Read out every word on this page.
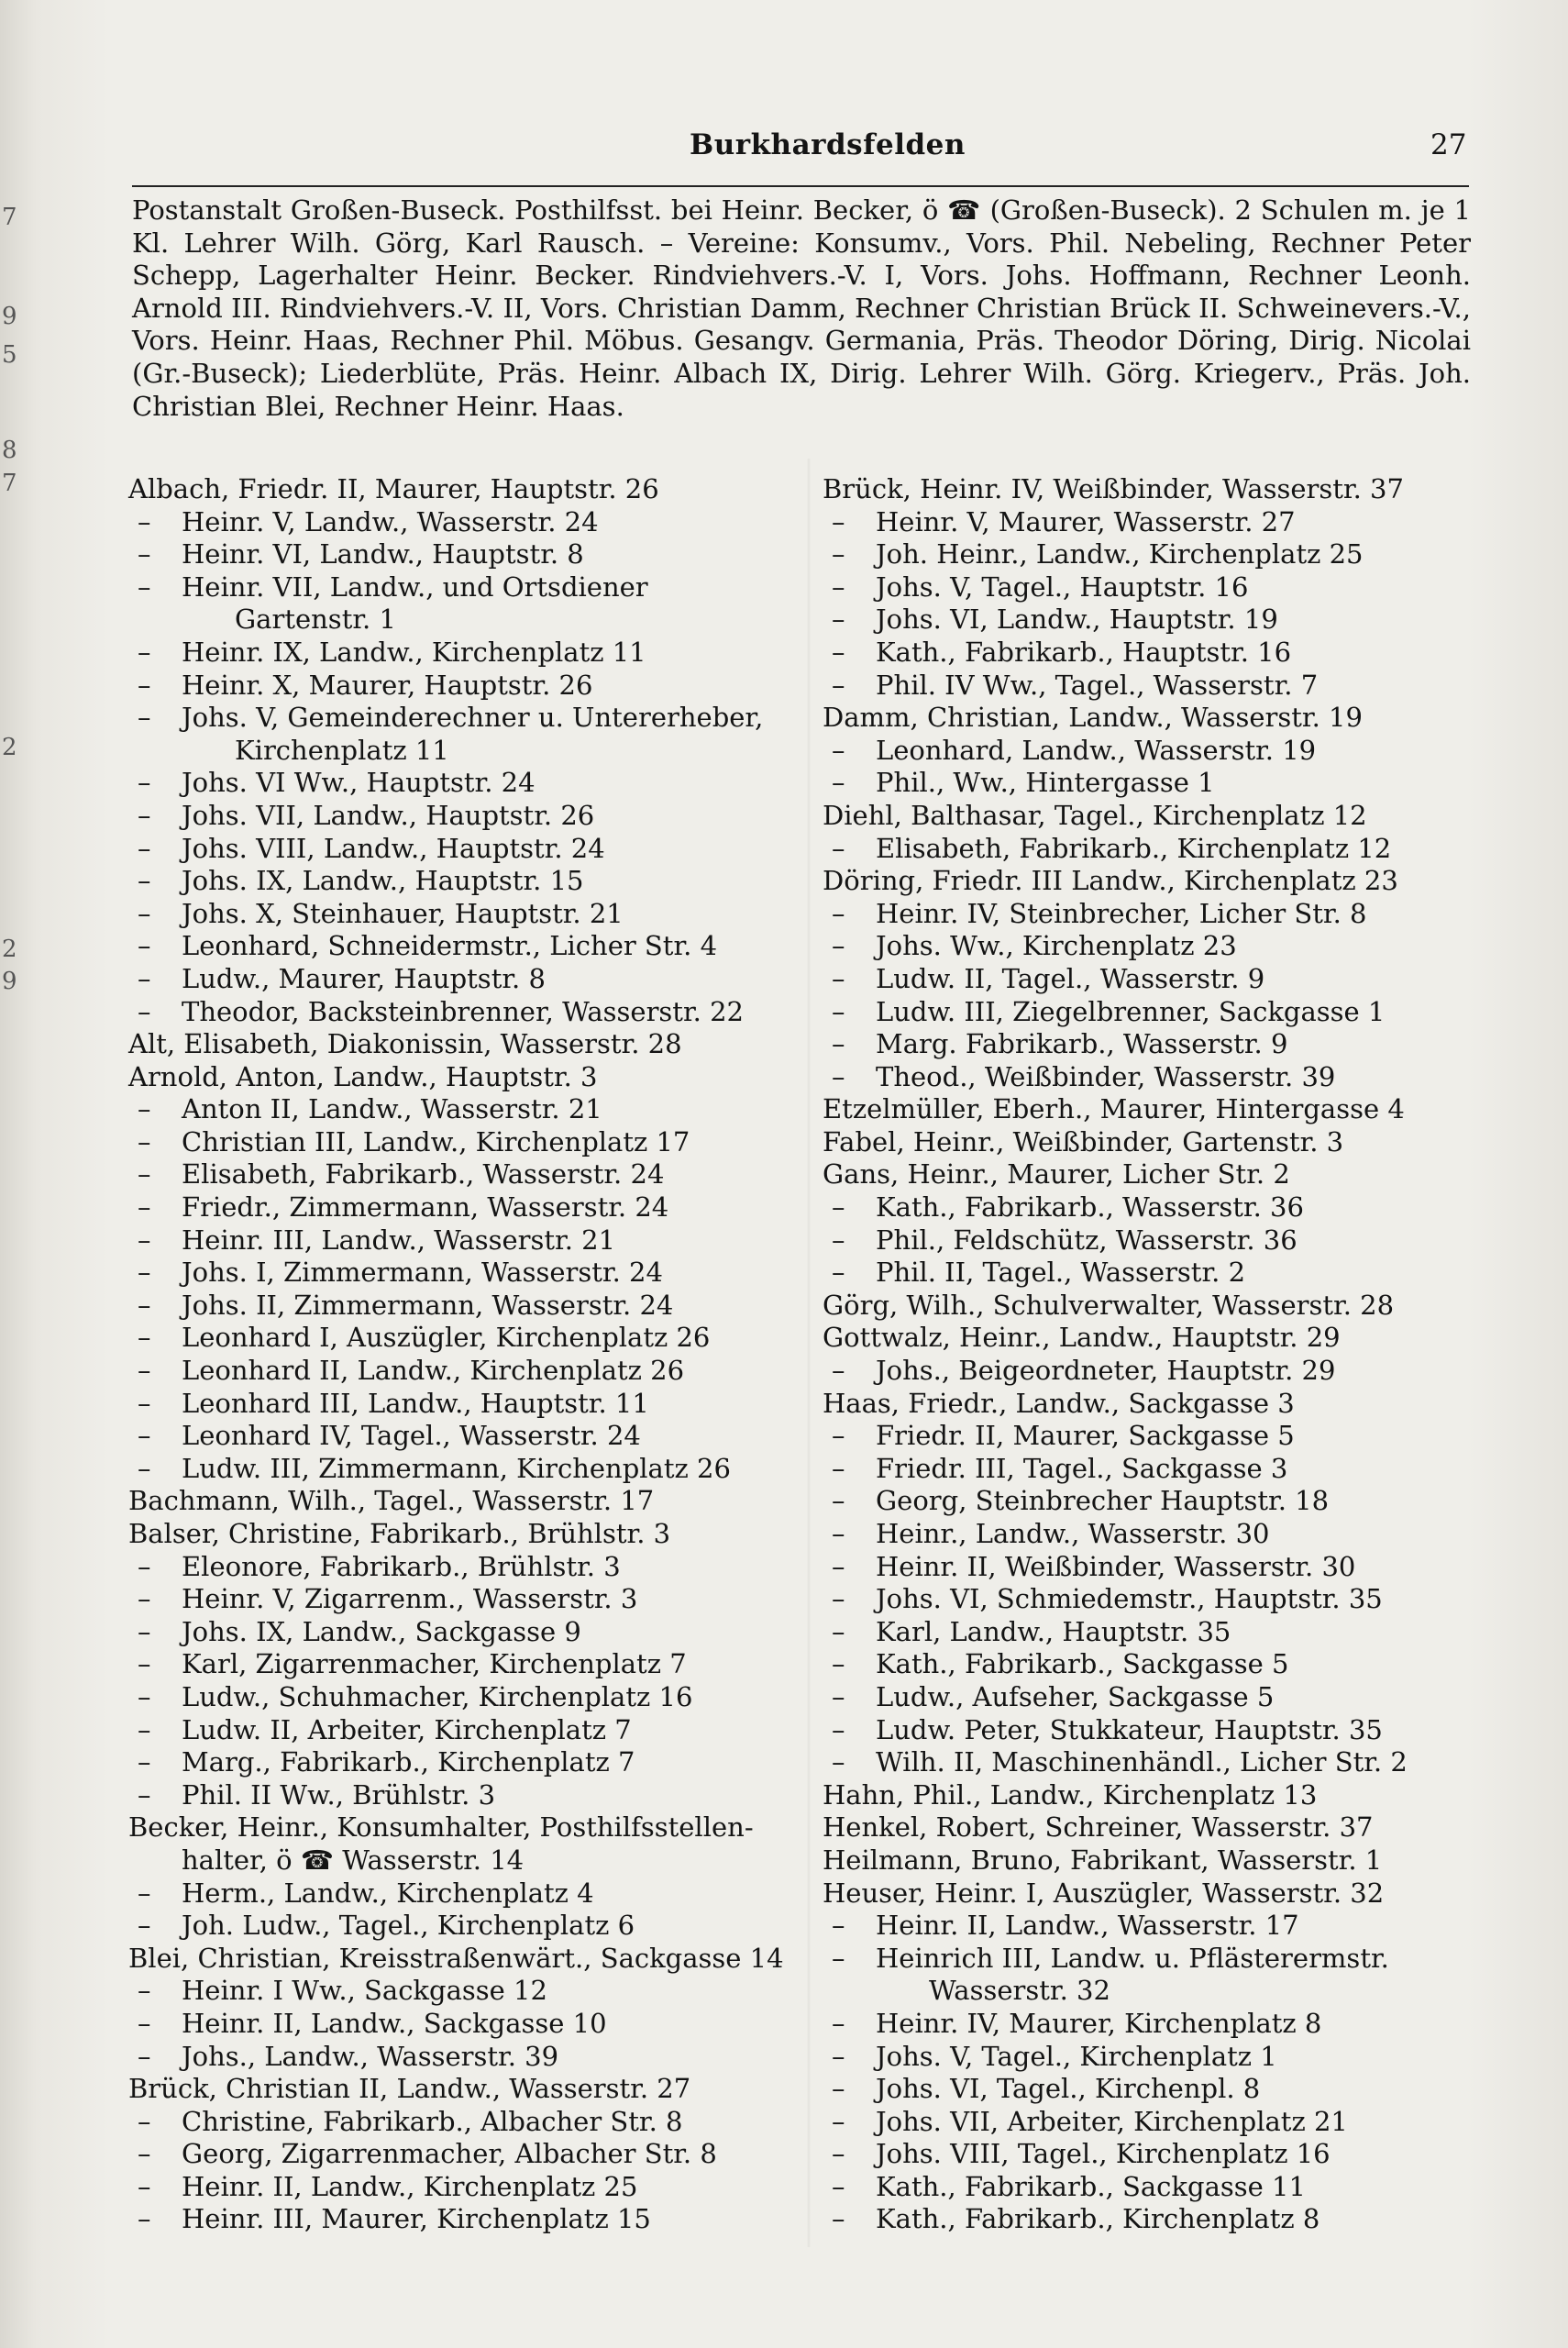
7
9
5
8
7
2
2
9
Burkhardsfelden	27
Postanstalt Großen-Buseck. Posthilfsst. bei Heinr. Becker, ö ☎ (Großen-Buseck). 2 Schulen m. je 1 Kl. Lehrer Wilh. Görg, Karl Rausch. – Vereine: Konsumv., Vors. Phil. Nebeling, Rechner Peter Schepp, Lagerhalter Heinr. Becker. Rindviehvers.-V. I, Vors. Johs. Hoffmann, Rechner Leonh. Arnold III. Rindviehvers.-V. II, Vors. Christian Damm, Rechner Christian Brück II. Schweinevers.-V., Vors. Heinr. Haas, Rechner Phil. Möbus. Gesangv. Germania, Präs. Theodor Döring, Dirig. Nicolai (Gr.-Buseck); Liederblüte, Präs. Heinr. Albach IX, Dirig. Lehrer Wilh. Görg. Kriegerv., Präs. Joh. Christian Blei, Rechner Heinr. Haas.
Albach, Friedr. II, Maurer, Hauptstr. 26
– Heinr. V, Landw., Wasserstr. 24
– Heinr. VI, Landw., Hauptstr. 8
– Heinr. VII, Landw., und Ortsdiener
Gartenstr. 1
– Heinr. IX, Landw., Kirchenplatz 11
– Heinr. X, Maurer, Hauptstr. 26
– Johs. V, Gemeinderechner u. Untererheber,
Kirchenplatz 11
– Johs. VI Ww., Hauptstr. 24
– Johs. VII, Landw., Hauptstr. 26
– Johs. VIII, Landw., Hauptstr. 24
– Johs. IX, Landw., Hauptstr. 15
– Johs. X, Steinhauer, Hauptstr. 21
– Leonhard, Schneidermstr., Licher Str. 4
– Ludw., Maurer, Hauptstr. 8
– Theodor, Backsteinbrenner, Wasserstr. 22
Alt, Elisabeth, Diakonissin, Wasserstr. 28
Arnold, Anton, Landw., Hauptstr. 3
– Anton II, Landw., Wasserstr. 21
– Christian III, Landw., Kirchenplatz 17
– Elisabeth, Fabrikarb., Wasserstr. 24
– Friedr., Zimmermann, Wasserstr. 24
– Heinr. III, Landw., Wasserstr. 21
– Johs. I, Zimmermann, Wasserstr. 24
– Johs. II, Zimmermann, Wasserstr. 24
– Leonhard I, Auszügler, Kirchenplatz 26
– Leonhard II, Landw., Kirchenplatz 26
– Leonhard III, Landw., Hauptstr. 11
– Leonhard IV, Tagel., Wasserstr. 24
– Ludw. III, Zimmermann, Kirchenplatz 26
Bachmann, Wilh., Tagel., Wasserstr. 17
Balser, Christine, Fabrikarb., Brühlstr. 3
– Eleonore, Fabrikarb., Brühlstr. 3
– Heinr. V, Zigarrenm., Wasserstr. 3
– Johs. IX, Landw., Sackgasse 9
– Karl, Zigarrenmacher, Kirchenplatz 7
– Ludw., Schuhmacher, Kirchenplatz 16
– Ludw. II, Arbeiter, Kirchenplatz 7
– Marg., Fabrikarb., Kirchenplatz 7
– Phil. II Ww., Brühlstr. 3
Becker, Heinr., Konsumhalter, Posthilfsstellen-
halter, ö ☎ Wasserstr. 14
– Herm., Landw., Kirchenplatz 4
– Joh. Ludw., Tagel., Kirchenplatz 6
Blei, Christian, Kreisstraßenwärt., Sackgasse 14
– Heinr. I Ww., Sackgasse 12
– Heinr. II, Landw., Sackgasse 10
– Johs., Landw., Wasserstr. 39
Brück, Christian II, Landw., Wasserstr. 27
– Christine, Fabrikarb., Albacher Str. 8
– Georg, Zigarrenmacher, Albacher Str. 8
– Heinr. II, Landw., Kirchenplatz 25
– Heinr. III, Maurer, Kirchenplatz 15
Brück, Heinr. IV, Weißbinder, Wasserstr. 37
– Heinr. V, Maurer, Wasserstr. 27
– Joh. Heinr., Landw., Kirchenplatz 25
– Johs. V, Tagel., Hauptstr. 16
– Johs. VI, Landw., Hauptstr. 19
– Kath., Fabrikarb., Hauptstr. 16
– Phil. IV Ww., Tagel., Wasserstr. 7
Damm, Christian, Landw., Wasserstr. 19
– Leonhard, Landw., Wasserstr. 19
– Phil., Ww., Hintergasse 1
Diehl, Balthasar, Tagel., Kirchenplatz 12
– Elisabeth, Fabrikarb., Kirchenplatz 12
Döring, Friedr. III Landw., Kirchenplatz 23
– Heinr. IV, Steinbrecher, Licher Str. 8
– Johs. Ww., Kirchenplatz 23
– Ludw. II, Tagel., Wasserstr. 9
– Ludw. III, Ziegelbrenner, Sackgasse 1
– Marg. Fabrikarb., Wasserstr. 9
– Theod., Weißbinder, Wasserstr. 39
Etzelmüller, Eberh., Maurer, Hintergasse 4
Fabel, Heinr., Weißbinder, Gartenstr. 3
Gans, Heinr., Maurer, Licher Str. 2
– Kath., Fabrikarb., Wasserstr. 36
– Phil., Feldschütz, Wasserstr. 36
– Phil. II, Tagel., Wasserstr. 2
Görg, Wilh., Schulverwalter, Wasserstr. 28
Gottwalz, Heinr., Landw., Hauptstr. 29
– Johs., Beigeordneter, Hauptstr. 29
Haas, Friedr., Landw., Sackgasse 3
– Friedr. II, Maurer, Sackgasse 5
– Friedr. III, Tagel., Sackgasse 3
– Georg, Steinbrecher Hauptstr. 18
– Heinr., Landw., Wasserstr. 30
– Heinr. II, Weißbinder, Wasserstr. 30
– Johs. VI, Schmiedemstr., Hauptstr. 35
– Karl, Landw., Hauptstr. 35
– Kath., Fabrikarb., Sackgasse 5
– Ludw., Aufseher, Sackgasse 5
– Ludw. Peter, Stukkateur, Hauptstr. 35
– Wilh. II, Maschinenhändl., Licher Str. 2
Hahn, Phil., Landw., Kirchenplatz 13
Henkel, Robert, Schreiner, Wasserstr. 37
Heilmann, Bruno, Fabrikant, Wasserstr. 1
Heuser, Heinr. I, Auszügler, Wasserstr. 32
– Heinr. II, Landw., Wasserstr. 17
– Heinrich III, Landw. u. Pflästerermstr.
Wasserstr. 32
– Heinr. IV, Maurer, Kirchenplatz 8
– Johs. V, Tagel., Kirchenplatz 1
– Johs. VI, Tagel., Kirchenpl. 8
– Johs. VII, Arbeiter, Kirchenplatz 21
– Johs. VIII, Tagel., Kirchenplatz 16
– Kath., Fabrikarb., Sackgasse 11
– Kath., Fabrikarb., Kirchenplatz 8
